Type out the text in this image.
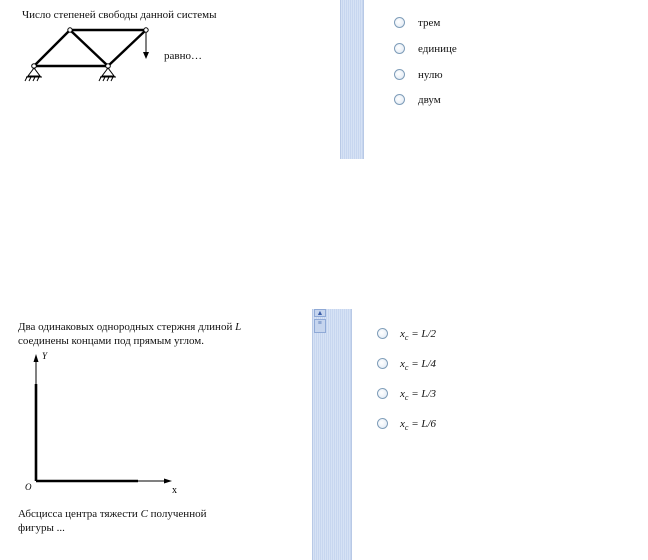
Число степеней свободы данной системы
равно…
трем
единице
нулю
двум
Два одинаковых однородных стержня длиной L
соединены концами под прямым углом.
Y
x
O
Абсцисса центра тяжести C полученной
фигуры ...
▲
≡
$x_c = L/2$
$x_c = L/4$
$x_c = L/3$
$x_c = L/6$
